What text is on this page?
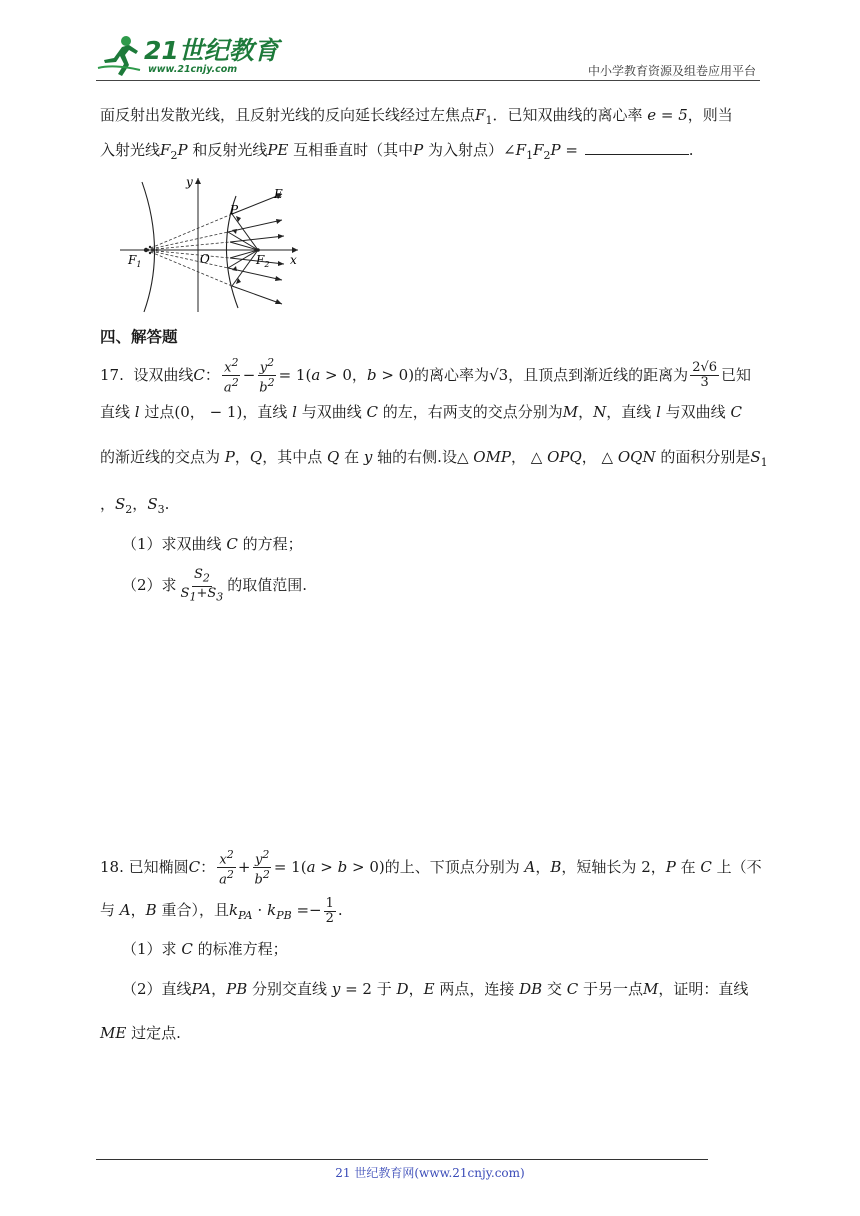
21世纪教育
www.21cnjy.com	中小学教育资源及组卷应用平台
面反射出发散光线，且反射光线的反向延长线经过左焦点$F_1$．已知双曲线的离心率 e = 5，则当
入射光线$F_2P$ 和反射光线PE 互相垂直时（其中P 为入射点）$\angle F_1F_2P$ =	.
y
x
E
P
O
$F_1$	$F_2$
四、解答题
17. 设双曲线C： $\frac{x^2}{a^2} - \frac{y^2}{b^2} = 1(a > 0$，b > 0)的离心率为√3，且顶点到渐近线的距离为 $\frac{2√6}{3}$ 已知
直线 l 过点(0， − 1)，直线 l 与双曲线 C 的左，右两支的交点分别为M，N，直线 l 与双曲线 C
的渐近线的交点为 P，Q，其中点 Q 在 y 轴的右侧.设△ OMP， △ OPQ， △ OQN 的面积分别是$S_1$
，$S_2$，$S_3$.
（1）求双曲线 C 的方程；
（2）求 $\frac{S_2}{S_1+S_3}$ 的取值范围.
18. 已知椭圆C： $\frac{x^2}{a^2} + \frac{y^2}{b^2} = 1(a > b > 0)$的上、下顶点分别为 A，B，短轴长为 2，P 在 C 上（不
与 A，B 重合），且$k_{PA} \cdot k_{PB} =- \frac{1}{2}$ .
（1）求 C 的标准方程；
（2）直线PA，PB 分别交直线 y = 2 于 D，E 两点，连接 DB 交 C 于另一点M，证明：直线
ME 过定点.
21 世纪教育网(www.21cnjy.com)
